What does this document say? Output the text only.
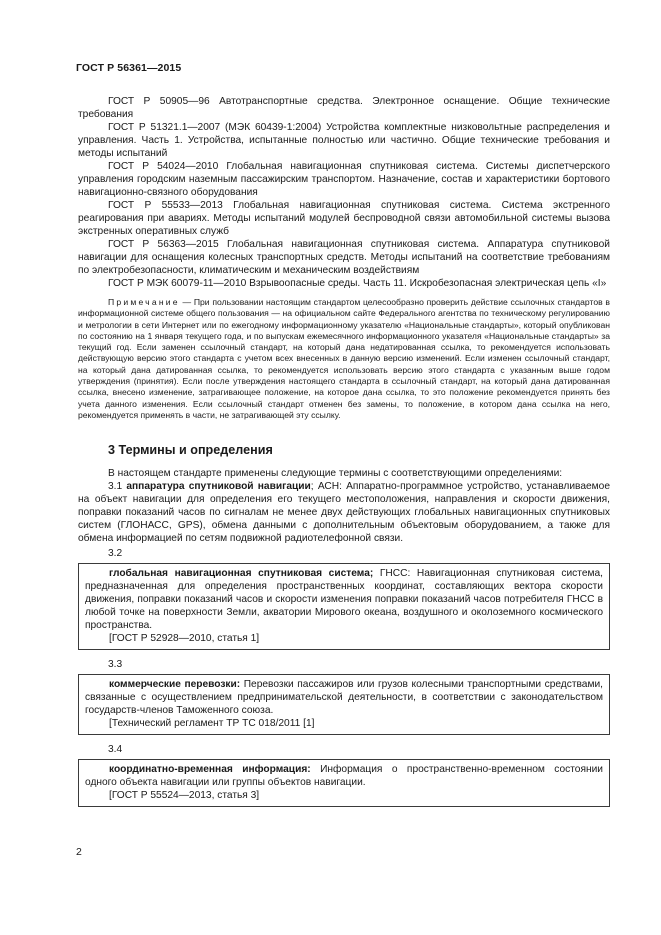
ГОСТ Р 56361—2015

ГОСТ Р 50905—96 Автотранспортные средства. Электронное оснащение. Общие технические требования

ГОСТ Р 51321.1—2007 (МЭК 60439-1:2004) Устройства комплектные низковольтные распределения и управления. Часть 1. Устройства, испытанные полностью или частично. Общие технические требования и методы испытаний

ГОСТ Р 54024—2010 Глобальная навигационная спутниковая система. Системы диспетчерского управления городским наземным пассажирским транспортом. Назначение, состав и характеристики бортового навигационно-связного оборудования

ГОСТ Р 55533—2013 Глобальная навигационная спутниковая система. Система экстренного реагирования при авариях. Методы испытаний модулей беспроводной связи автомобильной системы вызова экстренных оперативных служб

ГОСТ Р 56363—2015 Глобальная навигационная спутниковая система. Аппаратура спутниковой навигации для оснащения колесных транспортных средств. Методы испытаний на соответствие требованиям по электробезопасности, климатическим и механическим воздействиям

ГОСТ Р МЭК 60079-11—2010 Взрывоопасные среды. Часть 11. Искробезопасная электрическая цепь «I»

Примечание — При пользовании настоящим стандартом целесообразно проверить действие ссылочных стандартов в информационной системе общего пользования — на официальном сайте Федерального агентства по техническому регулированию и метрологии в сети Интернет или по ежегодному информационному указателю «Национальные стандарты», который опубликован по состоянию на 1 января текущего года, и по выпускам ежемесячного информационного указателя «Национальные стандарты» за текущий год. Если заменен ссылочный стандарт, на который дана недатированная ссылка, то рекомендуется использовать действующую версию этого стандарта с учетом всех внесенных в данную версию изменений. Если изменен ссылочный стандарт, на который дана датированная ссылка, то рекомендуется использовать версию этого стандарта с указанным выше годом утверждения (принятия). Если после утверждения настоящего стандарта в ссылочный стандарт, на который дана датированная ссылка, внесено изменение, затрагивающее положение, на которое дана ссылка, то это положение рекомендуется принять без учета данного изменения. Если ссылочный стандарт отменен без замены, то положение, в котором дана ссылка на него, рекомендуется применять в части, не затрагивающей эту ссылку.
3 Термины и определения

В настоящем стандарте применены следующие термины с соответствующими определениями:

3.1 аппаратура спутниковой навигации; АСН: Аппаратно-программное устройство, устанавливаемое на объект навигации для определения его текущего местоположения, направления и скорости движения, поправки показаний часов по сигналам не менее двух действующих глобальных навигационных спутниковых систем (ГЛОНАСС, GPS), обмена данными с дополнительным объектовым оборудованием, а также для обмена информацией по сетям подвижной радиотелефонной связи.

3.2

глобальная навигационная спутниковая система; ГНСС: Навигационная спутниковая система, предназначенная для определения пространственных координат, составляющих вектора скорости движения, поправки показаний часов и скорости изменения поправки показаний часов потребителя ГНСС в любой точке на поверхности Земли, акватории Мирового океана, воздушного и околоземного космического пространства.

[ГОСТ Р 52928—2010, статья 1]
3.3

коммерческие перевозки: Перевозки пассажиров или грузов колесными транспортными средствами, связанные с осуществлением предпринимательской деятельности, в соответствии с законодательством государств-членов Таможенного союза.

[Технический регламент ТР ТС 018/2011 [1]
3.4

координатно-временная информация: Информация о пространственно-временном состоянии одного объекта навигации или группы объектов навигации.

[ГОСТ Р 55524—2013, статья 3]
2
